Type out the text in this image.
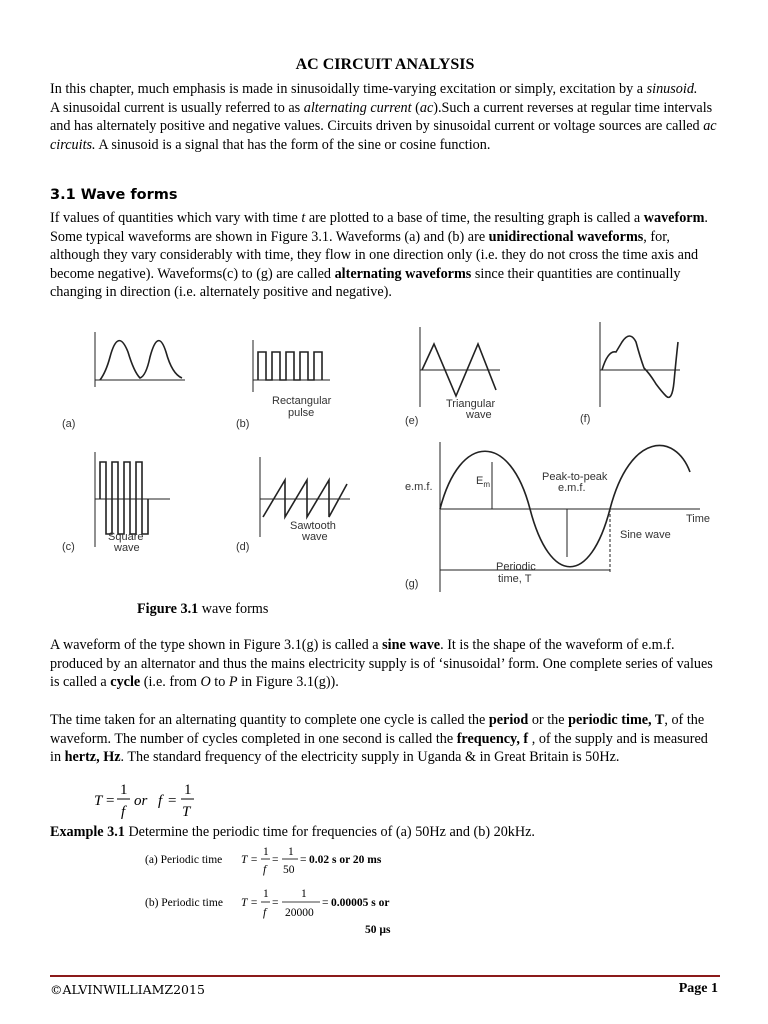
AC CIRCUIT ANALYSIS

In this chapter, much emphasis is made in sinusoidally time-varying excitation or simply, excitation by a sinusoid.

A sinusoidal current is usually referred to as alternating current (ac).Such a current reverses at regular time intervals and has alternately positive and negative values. Circuits driven by sinusoidal current or voltage sources are called ac circuits. A sinusoid is a signal that has the form of the sine or cosine function.

3.1 Wave forms

If values of quantities which vary with time t are plotted to a base of time, the resulting graph is called a waveform. Some typical waveforms are shown in Figure 3.1. Waveforms (a) and (b) are unidirectional waveforms, for, although they vary considerably with time, they flow in one direction only (i.e. they do not cross the time axis and become negative). Waveforms(c) to (g) are called alternating waveforms since their quantities are continually changing in direction (i.e. alternately positive and negative).

(a)	(b)	(e)	(f)
(c)	(d)
(g)
Rectangular
pulse
Triangular
wave
Square
wave
Sawtooth
wave
e.m.f.	$E_m$
Peak-to-peak
e.m.f.
Time
Sine wave
Periodic
time, T
Figure 3.1 wave forms

A waveform of the type shown in Figure 3.1(g) is called a sine wave. It is the shape of the waveform of e.m.f. produced by an alternator and thus the mains electricity supply is of ‘sinusoidal’ form. One complete series of values is called a cycle (i.e. from O to P in Figure 3.1(g)).

The time taken for an alternating quantity to complete one cycle is called the period or the periodic time, T, of the waveform. The number of cycles completed in one second is called the frequency, f , of the supply and is measured in hertz, Hz. The standard frequency of the electricity supply in Uganda & in Great Britain is 50Hz.

T =
1
f
or f =
1
T

Example 3.1 Determine the periodic time for frequencies of (a) 50Hz and (b) 20kHz.

(a) Periodic time T =
1
f
=
1
50
= 0.02 s or 20 ms
(b) Periodic time T =
1
f
=
1
20000
= 0.00005 s or
50 µs
©ALVINWILLIAMZ2015	Page 1
